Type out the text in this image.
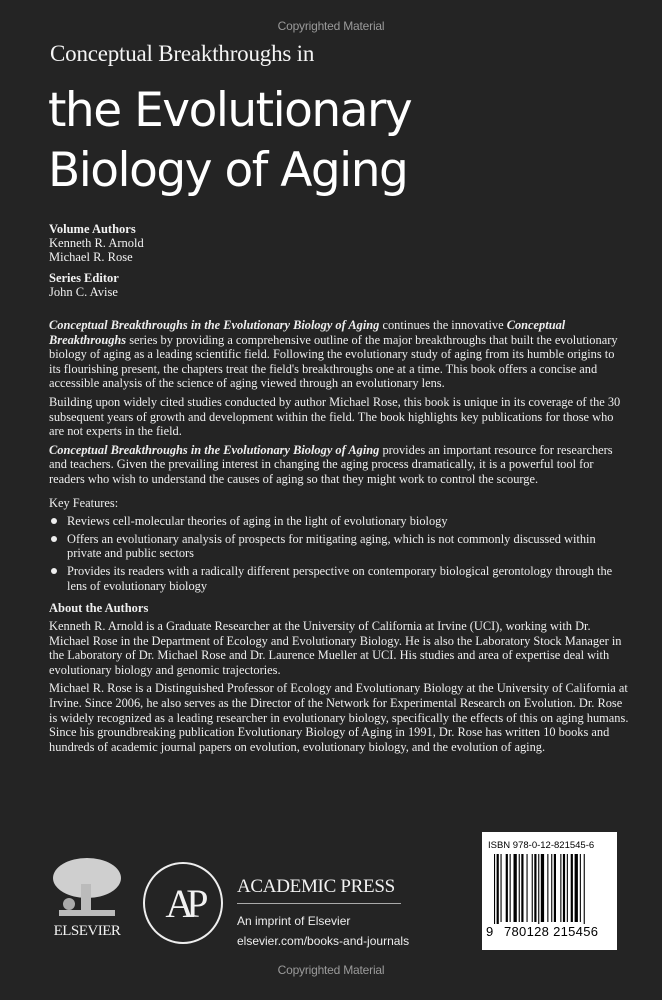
Copyrighted Material
Conceptual Breakthroughs in
the Evolutionary
Biology of Aging
Volume Authors
Kenneth R. Arnold
Michael R. Rose
Series Editor
John C. Avise

Conceptual Breakthroughs in the Evolutionary Biology of Aging continues the innovative Conceptual Breakthroughs series by providing a comprehensive outline of the major breakthroughs that built the evolutionary biology of aging as a leading scientific field. Following the evolutionary study of aging from its humble origins to its flourishing present, the chapters treat the field's breakthroughs one at a time. This book offers a concise and accessible analysis of the science of aging viewed through an evolutionary lens.

Building upon widely cited studies conducted by author Michael Rose, this book is unique in its coverage of the 30 subsequent years of growth and development within the field. The book highlights key publications for those who are not experts in the field.

Conceptual Breakthroughs in the Evolutionary Biology of Aging provides an important resource for researchers and teachers. Given the prevailing interest in changing the aging process dramatically, it is a powerful tool for readers who wish to understand the causes of aging so that they might work to control the scourge.

Key Features:
Reviews cell-molecular theories of aging in the light of evolutionary biology
Offers an evolutionary analysis of prospects for mitigating aging, which is not commonly discussed within private and public sectors
Provides its readers with a radically different perspective on contemporary biological gerontology through the lens of evolutionary biology
About the Authors

Kenneth R. Arnold is a Graduate Researcher at the University of California at Irvine (UCI), working with Dr. Michael Rose in the Department of Ecology and Evolutionary Biology. He is also the Laboratory Stock Manager in the Laboratory of Dr. Michael Rose and Dr. Laurence Mueller at UCI. His studies and area of expertise deal with evolutionary biology and genomic trajectories.

Michael R. Rose is a Distinguished Professor of Ecology and Evolutionary Biology at the University of California at Irvine. Since 2006, he also serves as the Director of the Network for Experimental Research on Evolution. Dr. Rose is widely recognized as a leading researcher in evolutionary biology, specifically the effects of this on aging humans. Since his groundbreaking publication Evolutionary Biology of Aging in 1991, Dr. Rose has written 10 books and hundreds of academic journal papers on evolution, evolutionary biology, and the evolution of aging.

ELSEVIER
AP	ACADEMIC PRESS
An imprint of Elsevier
elsevier.com/books-and-journals
ISBN 978-0-12-821545-6
9 780128 215456
Copyrighted Material
